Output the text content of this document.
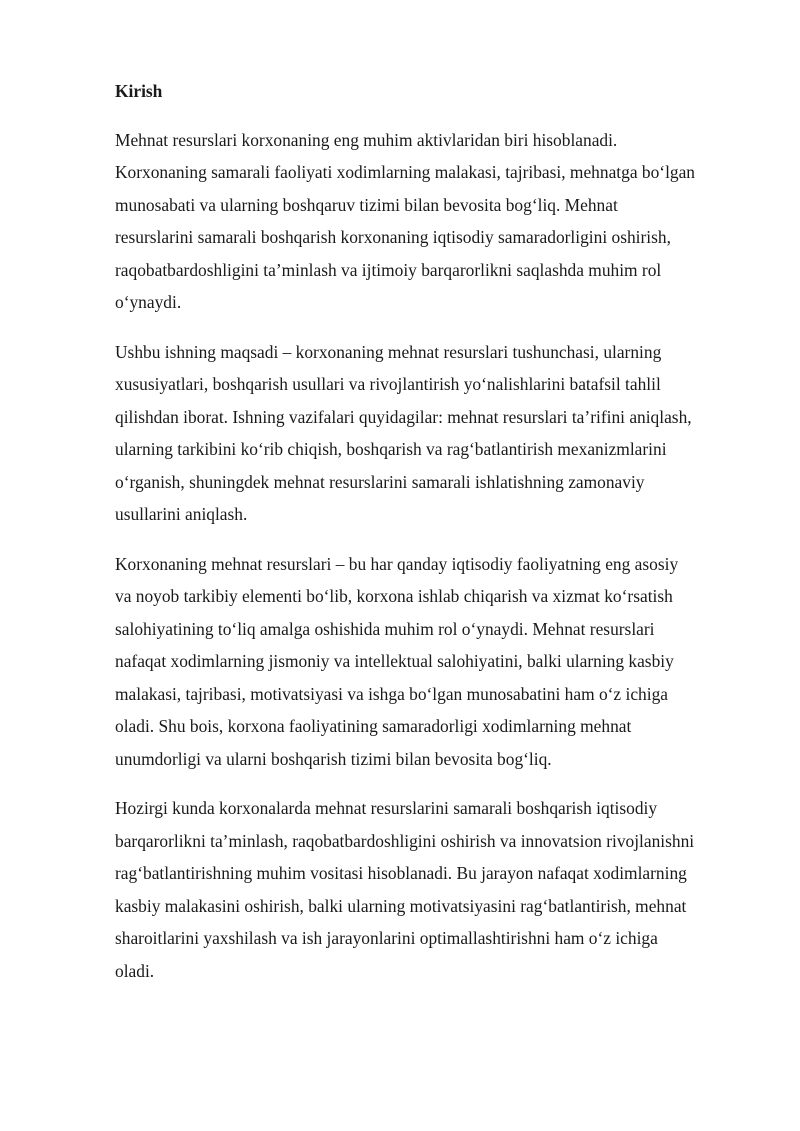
Kirish

Mehnat resurslari korxonaning eng muhim aktivlaridan biri hisoblanadi.
Korxonaning samarali faoliyati xodimlarning malakasi, tajribasi, mehnatga bo‘lgan
munosabati va ularning boshqaruv tizimi bilan bevosita bog‘liq. Mehnat
resurslarini samarali boshqarish korxonaning iqtisodiy samaradorligini oshirish,
raqobatbardoshligini ta’minlash va ijtimoiy barqarorlikni saqlashda muhim rol
o‘ynaydi.

Ushbu ishning maqsadi – korxonaning mehnat resurslari tushunchasi, ularning
xususiyatlari, boshqarish usullari va rivojlantirish yo‘nalishlarini batafsil tahlil
qilishdan iborat. Ishning vazifalari quyidagilar: mehnat resurslari ta’rifini aniqlash,
ularning tarkibini ko‘rib chiqish, boshqarish va rag‘batlantirish mexanizmlarini
o‘rganish, shuningdek mehnat resurslarini samarali ishlatishning zamonaviy
usullarini aniqlash.

Korxonaning mehnat resurslari – bu har qanday iqtisodiy faoliyatning eng asosiy
va noyob tarkibiy elementi bo‘lib, korxona ishlab chiqarish va xizmat ko‘rsatish
salohiyatining to‘liq amalga oshishida muhim rol o‘ynaydi. Mehnat resurslari
nafaqat xodimlarning jismoniy va intellektual salohiyatini, balki ularning kasbiy
malakasi, tajribasi, motivatsiyasi va ishga bo‘lgan munosabatini ham o‘z ichiga
oladi. Shu bois, korxona faoliyatining samaradorligi xodimlarning mehnat
unumdorligi va ularni boshqarish tizimi bilan bevosita bog‘liq.

Hozirgi kunda korxonalarda mehnat resurslarini samarali boshqarish iqtisodiy
barqarorlikni ta’minlash, raqobatbardoshligini oshirish va innovatsion rivojlanishni
rag‘batlantirishning muhim vositasi hisoblanadi. Bu jarayon nafaqat xodimlarning
kasbiy malakasini oshirish, balki ularning motivatsiyasini rag‘batlantirish, mehnat
sharoitlarini yaxshilash va ish jarayonlarini optimallashtirishni ham o‘z ichiga
oladi.
